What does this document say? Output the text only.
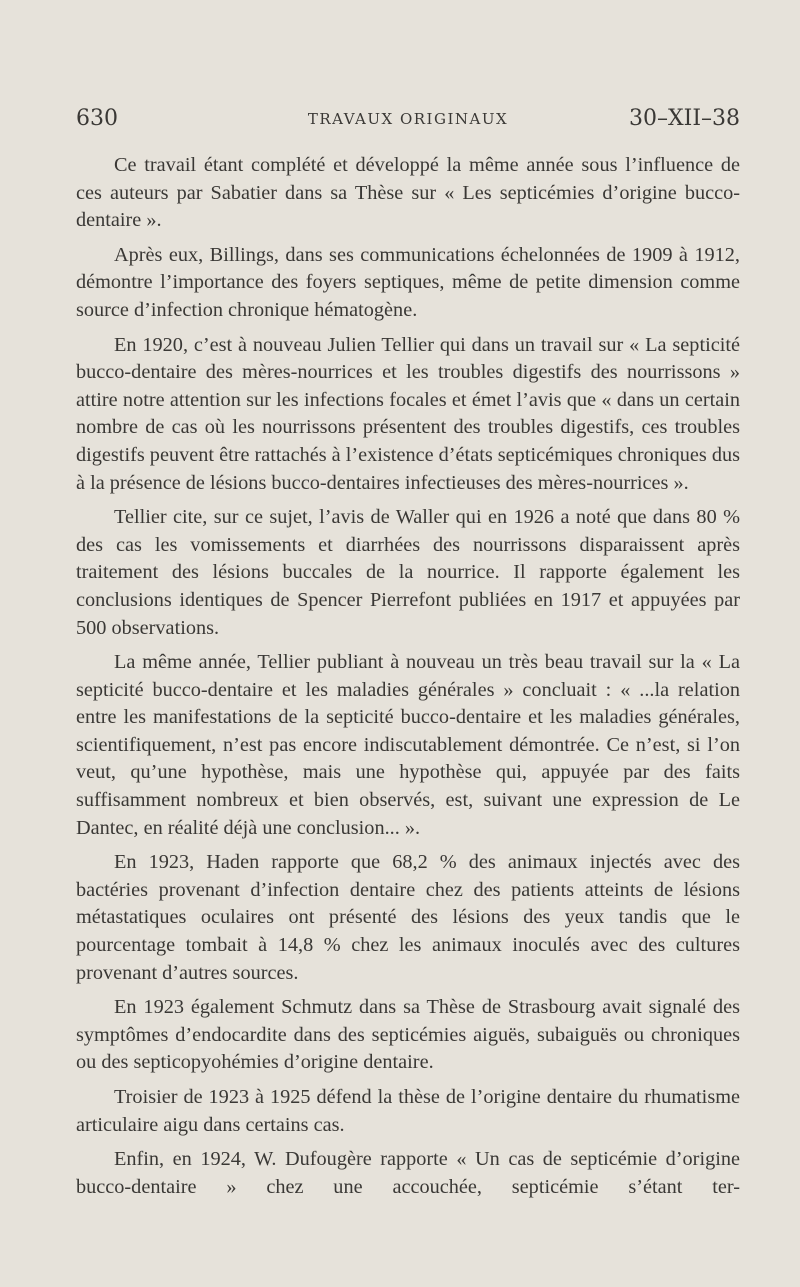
630	TRAVAUX ORIGINAUX	30–XII–38

Ce travail étant complété et développé la même année sous l’influence de ces auteurs par Sabatier dans sa Thèse sur « Les septicémies d’origine bucco-dentaire ».

Après eux, Billings, dans ses communications échelonnées de 1909 à 1912, démontre l’importance des foyers septiques, même de petite dimension comme source d’infection chronique hématogène.

En 1920, c’est à nouveau Julien Tellier qui dans un travail sur « La septicité bucco-dentaire des mères-nourrices et les troubles digestifs des nourrissons » attire notre attention sur les infections focales et émet l’avis que « dans un certain nombre de cas où les nourrissons présentent des troubles digestifs, ces troubles digestifs peuvent être rattachés à l’existence d’états septicémiques chroniques dus à la présence de lésions bucco-dentaires infectieuses des mères-nourrices ».

Tellier cite, sur ce sujet, l’avis de Waller qui en 1926 a noté que dans 80 % des cas les vomissements et diarrhées des nourrissons disparaissent après traitement des lésions buccales de la nourrice. Il rapporte également les conclusions identiques de Spencer Pierrefont publiées en 1917 et appuyées par 500 observations.

La même année, Tellier publiant à nouveau un très beau travail sur la « La septicité bucco-dentaire et les maladies générales » concluait : « ...la relation entre les manifestations de la septicité bucco-dentaire et les maladies générales, scientifiquement, n’est pas encore indiscutablement démontrée. Ce n’est, si l’on veut, qu’une hypothèse, mais une hypothèse qui, appuyée par des faits suffisamment nombreux et bien observés, est, suivant une expression de Le Dantec, en réalité déjà une conclusion... ».

En 1923, Haden rapporte que 68,2 % des animaux injectés avec des bactéries provenant d’infection dentaire chez des patients atteints de lésions métastatiques oculaires ont présenté des lésions des yeux tandis que le pourcentage tombait à 14,8 % chez les animaux inoculés avec des cultures provenant d’autres sources.

En 1923 également Schmutz dans sa Thèse de Strasbourg avait signalé des symptômes d’endocardite dans des septicémies aiguës, subaiguës ou chroniques ou des septicopyohémies d’origine dentaire.

Troisier de 1923 à 1925 défend la thèse de l’origine dentaire du rhumatisme articulaire aigu dans certains cas.

Enfin, en 1924, W. Dufougère rapporte « Un cas de septicémie d’origine bucco-dentaire » chez une accouchée, septicémie s’étant ter-
